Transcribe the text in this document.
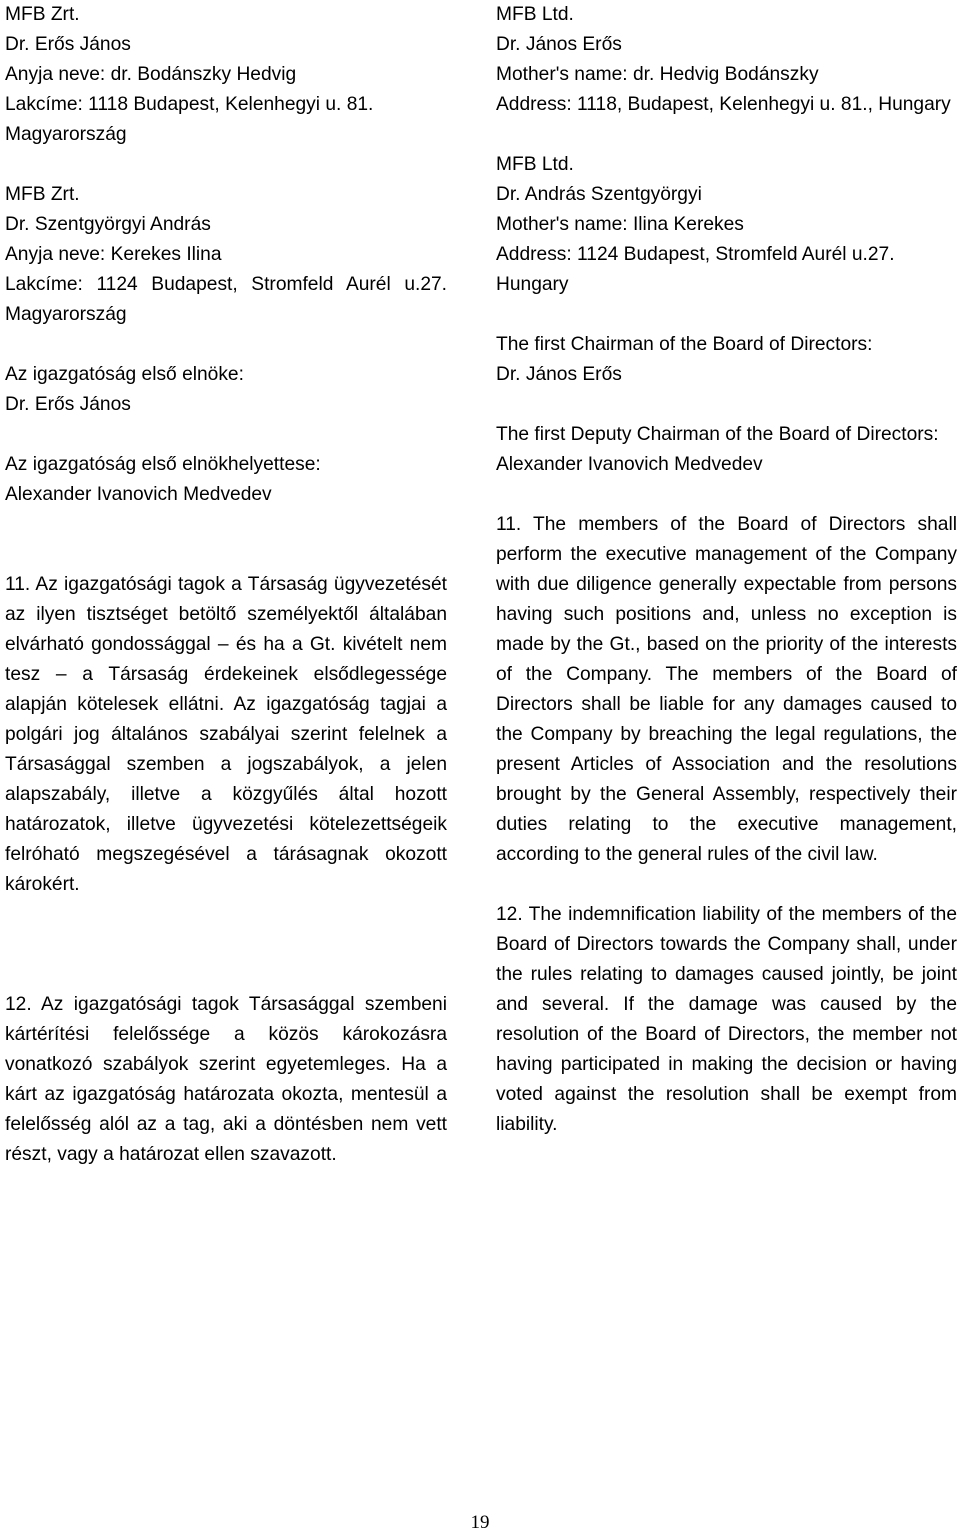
MFB Zrt.
Dr. Erős János
Anyja neve: dr. Bodánszky Hedvig
Lakcíme: 1118 Budapest, Kelenhegyi u. 81.
Magyarország
MFB Zrt.
Dr. Szentgyörgyi András
Anyja neve: Kerekes Ilina

Lakcíme: 1124 Budapest, Stromfeld Aurél u.27. Magyarország

Az igazgatóság első elnöke:
Dr. Erős János
Az igazgatóság első elnökhelyettese:
Alexander Ivanovich Medvedev

11. Az igazgatósági tagok a Társaság ügyvezetését az ilyen tisztséget betöltő személyektől általában elvárható gondossággal – és ha a Gt. kivételt nem tesz – a Társaság érdekeinek elsődlegessége alapján kötelesek ellátni. Az igazgatóság tagjai a polgári jog általános szabályai szerint felelnek a Társasággal szemben a jogszabályok, a jelen alapszabály, illetve a közgyűlés által hozott határozatok, illetve ügyvezetési kötelezettségeik felróható megszegésével a tárásagnak okozott károkért.

12. Az igazgatósági tagok Társasággal szembeni kártérítési felelőssége a közös károkozásra vonatkozó szabályok szerint egyetemleges. Ha a kárt az igazgatóság határozata okozta, mentesül a felelősség alól az a tag, aki a döntésben nem vett részt, vagy a határozat ellen szavazott.

MFB Ltd.
Dr. János Erős
Mother's name: dr. Hedvig Bodánszky

Address: 1118, Budapest, Kelenhegyi u. 81., Hungary

MFB Ltd.
Dr. András Szentgyörgyi
Mother's name: Ilina Kerekes
Address: 1124 Budapest, Stromfeld Aurél u.27.
Hungary
The first Chairman of the Board of Directors:
Dr. János Erős

The first Deputy Chairman of the Board of Directors:

Alexander Ivanovich Medvedev

11. The members of the Board of Directors shall perform the executive management of the Company with due diligence generally expectable from persons having such positions and, unless no exception is made by the Gt., based on the priority of the interests of the Company. The members of the Board of Directors shall be liable for any damages caused to the Company by breaching the legal regulations, the present Articles of Association and the resolutions brought by the General Assembly, respectively their duties relating to the executive management, according to the general rules of the civil law.

12. The indemnification liability of the members of the Board of Directors towards the Company shall, under the rules relating to damages caused jointly, be joint and several. If the damage was caused by the resolution of the Board of Directors, the member not having participated in making the decision or having voted against the resolution shall be exempt from liability.

19
